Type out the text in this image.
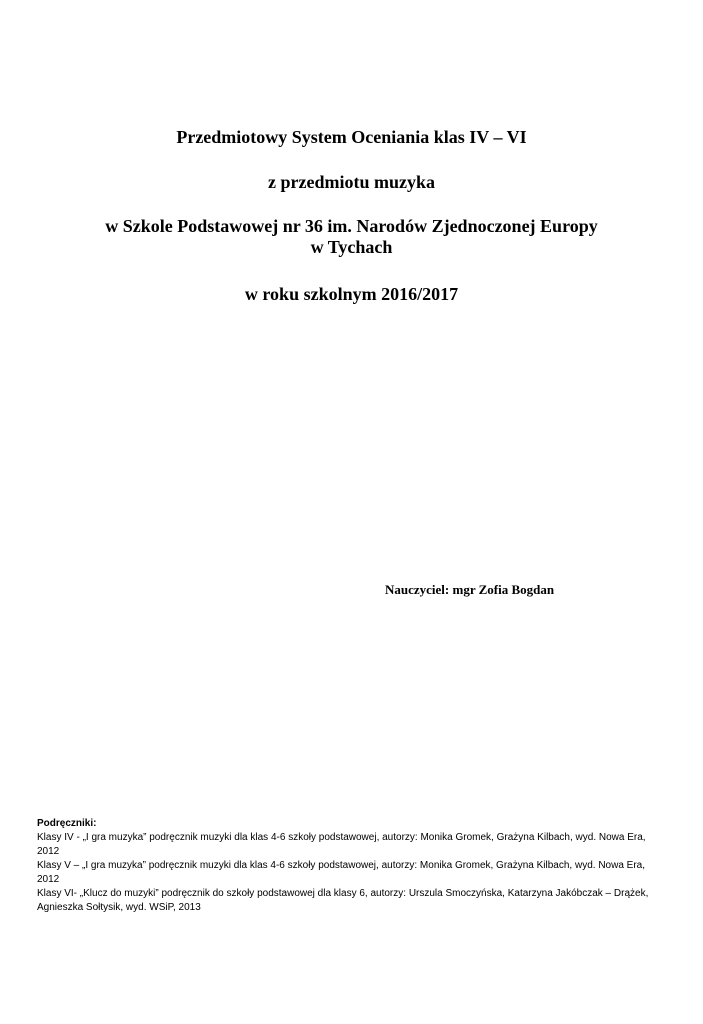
Przedmiotowy System Oceniania klas IV – VI
z przedmiotu muzyka
w Szkole Podstawowej nr 36 im. Narodów Zjednoczonej Europy
w Tychach
w roku szkolnym 2016/2017
Nauczyciel: mgr Zofia Bogdan
Podręczniki:

Klasy IV - „I gra muzyka” podręcznik muzyki dla klas 4-6 szkoły podstawowej, autorzy: Monika Gromek, Grażyna Kilbach, wyd. Nowa Era, 2012

Klasy V – „I gra muzyka” podręcznik muzyki dla klas 4-6 szkoły podstawowej, autorzy: Monika Gromek, Grażyna Kilbach, wyd. Nowa Era, 2012

Klasy VI- „Klucz do muzyki” podręcznik do szkoły podstawowej dla klasy 6, autorzy: Urszula Smoczyńska, Katarzyna Jakóbczak – Drążek, Agnieszka Sołtysik, wyd. WSiP, 2013
